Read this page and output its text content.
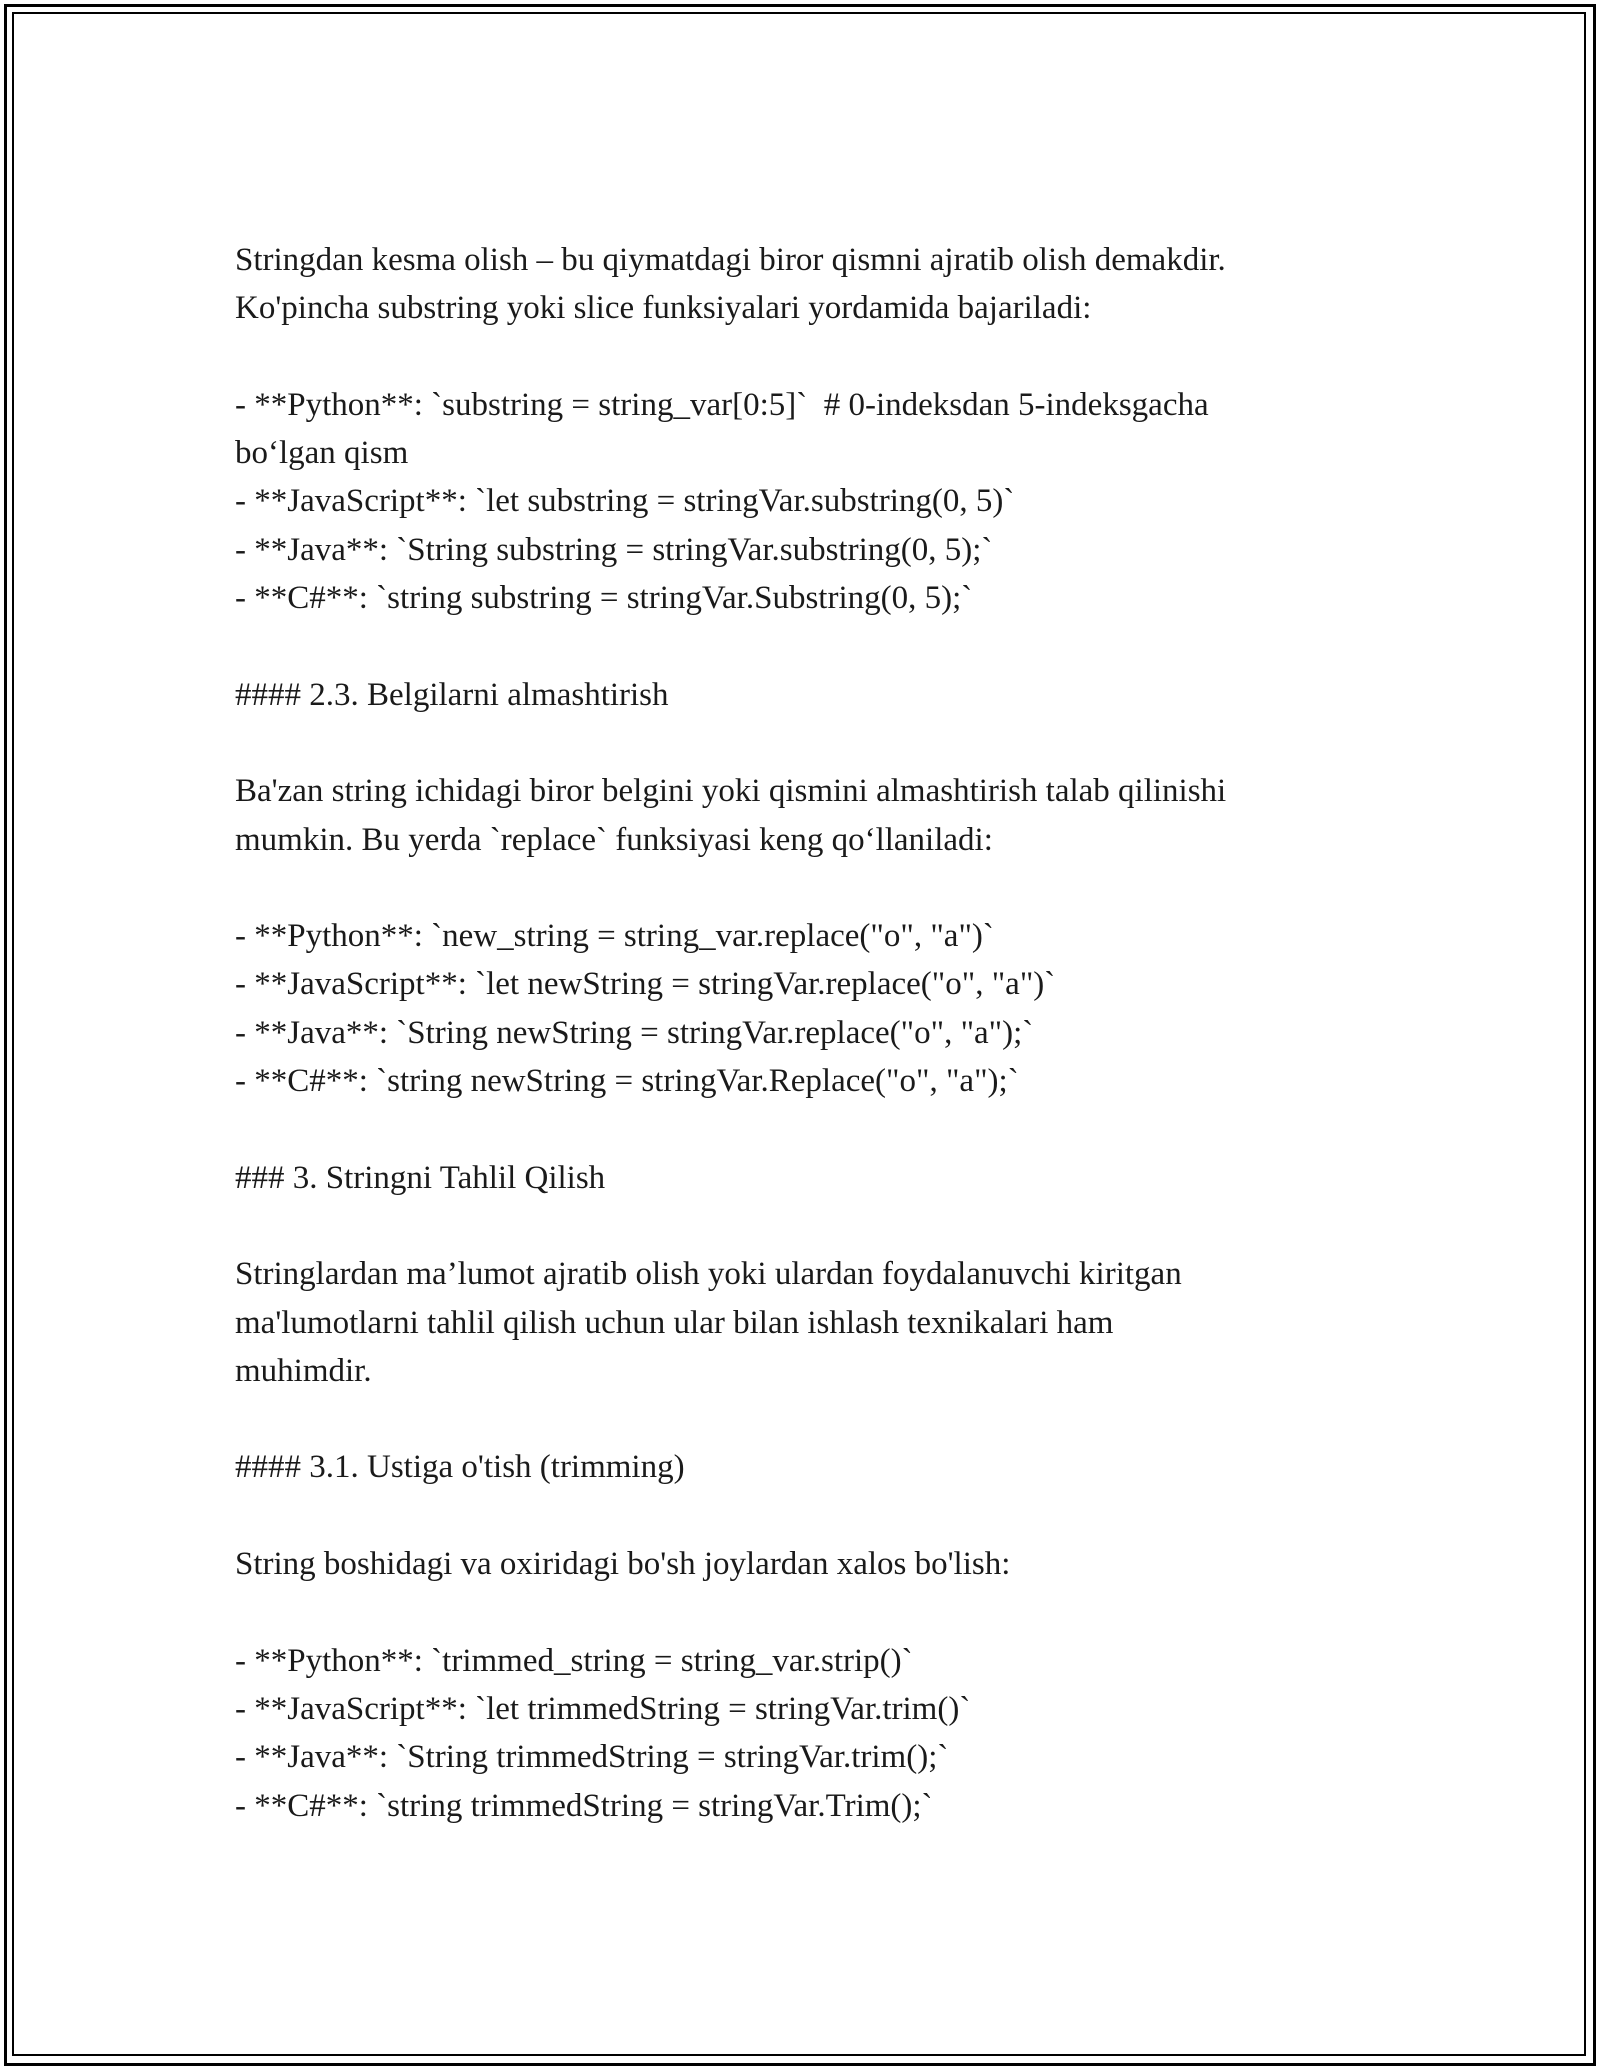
Stringdan kesma olish – bu qiymatdagi biror qismni ajratib olish demakdir.
Ko'pincha substring yoki slice funksiyalari yordamida bajariladi:
- **Python**: `substring = string_var[0:5]`  # 0-indeksdan 5-indeksgacha
bo‘lgan qism
- **JavaScript**: `let substring = stringVar.substring(0, 5)`
- **Java**: `String substring = stringVar.substring(0, 5);`
- **C#**: `string substring = stringVar.Substring(0, 5);`
#### 2.3. Belgilarni almashtirish
Ba'zan string ichidagi biror belgini yoki qismini almashtirish talab qilinishi
mumkin. Bu yerda `replace` funksiyasi keng qo‘llaniladi:
- **Python**: `new_string = string_var.replace("o", "a")`
- **JavaScript**: `let newString = stringVar.replace("o", "a")`
- **Java**: `String newString = stringVar.replace("o", "a");`
- **C#**: `string newString = stringVar.Replace("o", "a");`
### 3. Stringni Tahlil Qilish
Stringlardan ma’lumot ajratib olish yoki ulardan foydalanuvchi kiritgan
ma'lumotlarni tahlil qilish uchun ular bilan ishlash texnikalari ham
muhimdir.
#### 3.1. Ustiga o'tish (trimming)
String boshidagi va oxiridagi bo'sh joylardan xalos bo'lish:
- **Python**: `trimmed_string = string_var.strip()`
- **JavaScript**: `let trimmedString = stringVar.trim()`
- **Java**: `String trimmedString = stringVar.trim();`
- **C#**: `string trimmedString = stringVar.Trim();`
